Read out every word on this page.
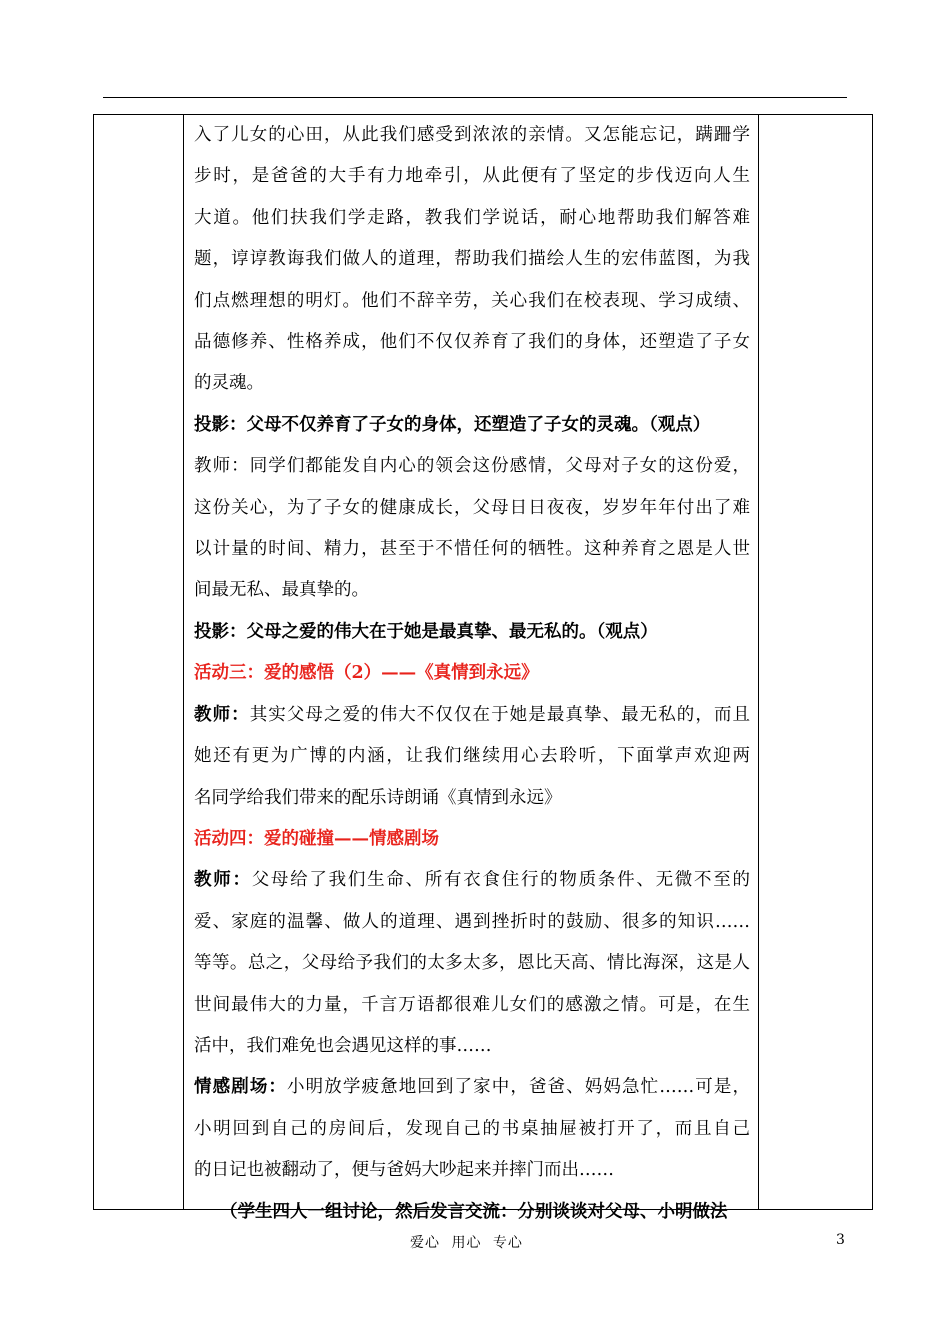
入了儿女的心田，从此我们感受到浓浓的亲情。又怎能忘记，蹒跚学
步时，是爸爸的大手有力地牵引，从此便有了坚定的步伐迈向人生
大道。他们扶我们学走路，教我们学说话，耐心地帮助我们解答难
题，谆谆教诲我们做人的道理，帮助我们描绘人生的宏伟蓝图，为我
们点燃理想的明灯。他们不辞辛劳，关心我们在校表现、学习成绩、
品德修养、性格养成，他们不仅仅养育了我们的身体，还塑造了子女
的灵魂。

投影：父母不仅养育了子女的身体，还塑造了子女的灵魂。（观点）

教师：同学们都能发自内心的领会这份感情，父母对子女的这份爱，
这份关心，为了子女的健康成长，父母日日夜夜，岁岁年年付出了难
以计量的时间、精力，甚至于不惜任何的牺牲。这种养育之恩是人世
间最无私、最真挚的。

投影：父母之爱的伟大在于她是最真挚、最无私的。（观点）

活动三：爱的感悟（2）——《真情到永远》

教师：其实父母之爱的伟大不仅仅在于她是最真挚、最无私的，而且
她还有更为广博的内涵，让我们继续用心去聆听，下面掌声欢迎两
名同学给我们带来的配乐诗朗诵《真情到永远》

活动四：爱的碰撞——情感剧场

教师：父母给了我们生命、所有衣食住行的物质条件、无微不至的
爱、家庭的温馨、做人的道理、遇到挫折时的鼓励、很多的知识……
等等。总之，父母给予我们的太多太多，恩比天高、情比海深，这是人
世间最伟大的力量，千言万语都很难儿女们的感激之情。可是，在生
活中，我们难免也会遇见这样的事……

情感剧场：小明放学疲惫地回到了家中，爸爸、妈妈急忙……可是，
小明回到自己的房间后，发现自己的书桌抽屉被打开了，而且自己
的日记也被翻动了，便与爸妈大吵起来并摔门而出……

（学生四人一组讨论，然后发言交流：分别谈谈对父母、小明做法

爱心 用心 专心	3
